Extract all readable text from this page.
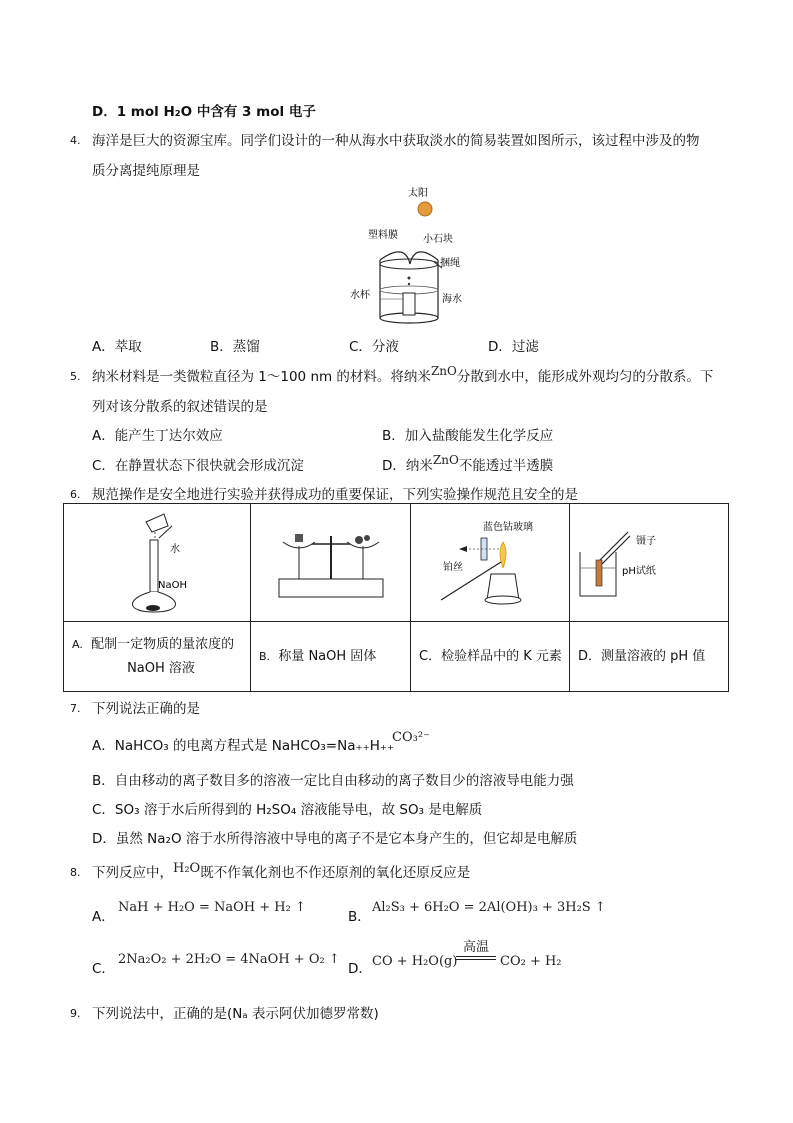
D．1 mol H₂O 中含有 3 mol 电子
4. 海洋是巨大的资源宝库。同学们设计的一种从海水中获取淡水的简易装置如图所示，该过程中涉及的物
质分离提纯原理是
太阳
塑料膜	小石块
捆绳
水杯	海水
A．萃取	B．蒸馏	C．分液	D．过滤
5. 纳米材料是一类微粒直径为 1～100 nm 的材料。将纳米ZnO分散到水中，能形成外观均匀的分散系。下
列对该分散系的叙述错误的是
A．能产生丁达尔效应	B．加入盐酸能发生化学反应
C．在静置状态下很快就会形成沉淀	D．纳米ZnO不能透过半透膜
6. 规范操作是安全地进行实验并获得成功的重要保证，下列实验操作规范且安全的是
水
NaOH		蓝色钴玻璃
铂丝	镊子
pH试纸

A. 配制一定物质的量浓度的
NaOH 溶液	B. 称量 NaOH 固体	C．检验样品中的 K 元素	D．测量溶液的 pH 值
7. 下列说法正确的是
A．NaHCO₃ 的电离方程式是 NaHCO₃=Na₊₊H₊₊
CO₃²⁻
B．自由移动的离子数目多的溶液一定比自由移动的离子数目少的溶液导电能力强
C．SO₃ 溶于水后所得到的 H₂SO₄ 溶液能导电，故 SO₃ 是电解质
D．虽然 Na₂O 溶于水所得溶液中导电的离子不是它本身产生的，但它却是电解质
8. 下列反应中，H₂O既不作氧化剂也不作还原剂的氧化还原反应是
A．
NaH + H₂O = NaOH + H₂ ↑
B．
Al₂S₃ + 6H₂O = 2Al(OH)₃ + 3H₂S ↑
C．
2Na₂O₂ + 2H₂O = 4NaOH + O₂ ↑
D． CO + H₂O(g)
高温
CO₂ + H₂
9. 下列说法中，正确的是(Nₐ 表示阿伏加德罗常数)
